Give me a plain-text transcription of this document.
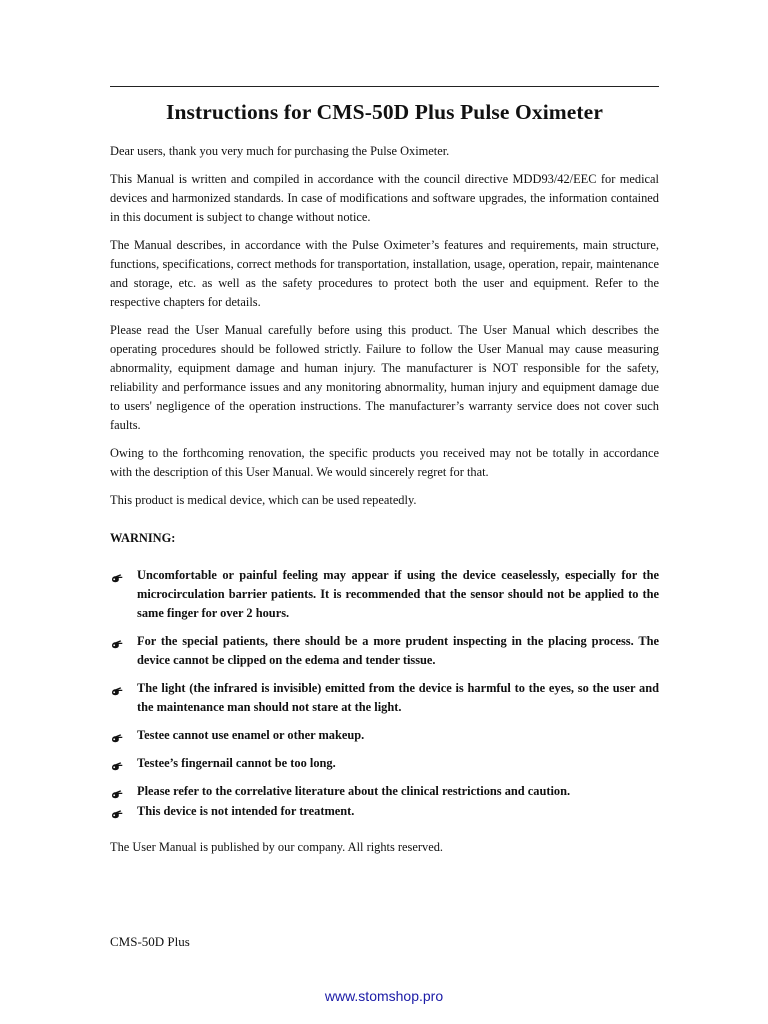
Instructions for CMS-50D Plus Pulse Oximeter

Dear users, thank you very much for purchasing the Pulse Oximeter.

This Manual is written and compiled in accordance with the council directive MDD93/42/EEC for medical devices and harmonized standards. In case of modifications and software upgrades, the information contained in this document is subject to change without notice.

The Manual describes, in accordance with the Pulse Oximeter’s features and requirements, main structure, functions, specifications, correct methods for transportation, installation, usage, operation, repair, maintenance and storage, etc. as well as the safety procedures to protect both the user and equipment. Refer to the respective chapters for details.

Please read the User Manual carefully before using this product. The User Manual which describes the operating procedures should be followed strictly. Failure to follow the User Manual may cause measuring abnormality, equipment damage and human injury. The manufacturer is NOT responsible for the safety, reliability and performance issues and any monitoring abnormality, human injury and equipment damage due to users' negligence of the operation instructions. The manufacturer’s warranty service does not cover such faults.

Owing to the forthcoming renovation, the specific products you received may not be totally in accordance with the description of this User Manual. We would sincerely regret for that.

This product is medical device, which can be used repeatedly.

WARNING:
Uncomfortable or painful feeling may appear if using the device ceaselessly, especially for the microcirculation barrier patients. It is recommended that the sensor should not be applied to the same finger for over 2 hours.
For the special patients, there should be a more prudent inspecting in the placing process. The device cannot be clipped on the edema and tender tissue.
The light (the infrared is invisible) emitted from the device is harmful to the eyes, so the user and the maintenance man should not stare at the light.
Testee cannot use enamel or other makeup.
Testee’s fingernail cannot be too long.
Please refer to the correlative literature about the clinical restrictions and caution.
This device is not intended for treatment.

The User Manual is published by our company. All rights reserved.

CMS-50D Plus
www.stomshop.pro
